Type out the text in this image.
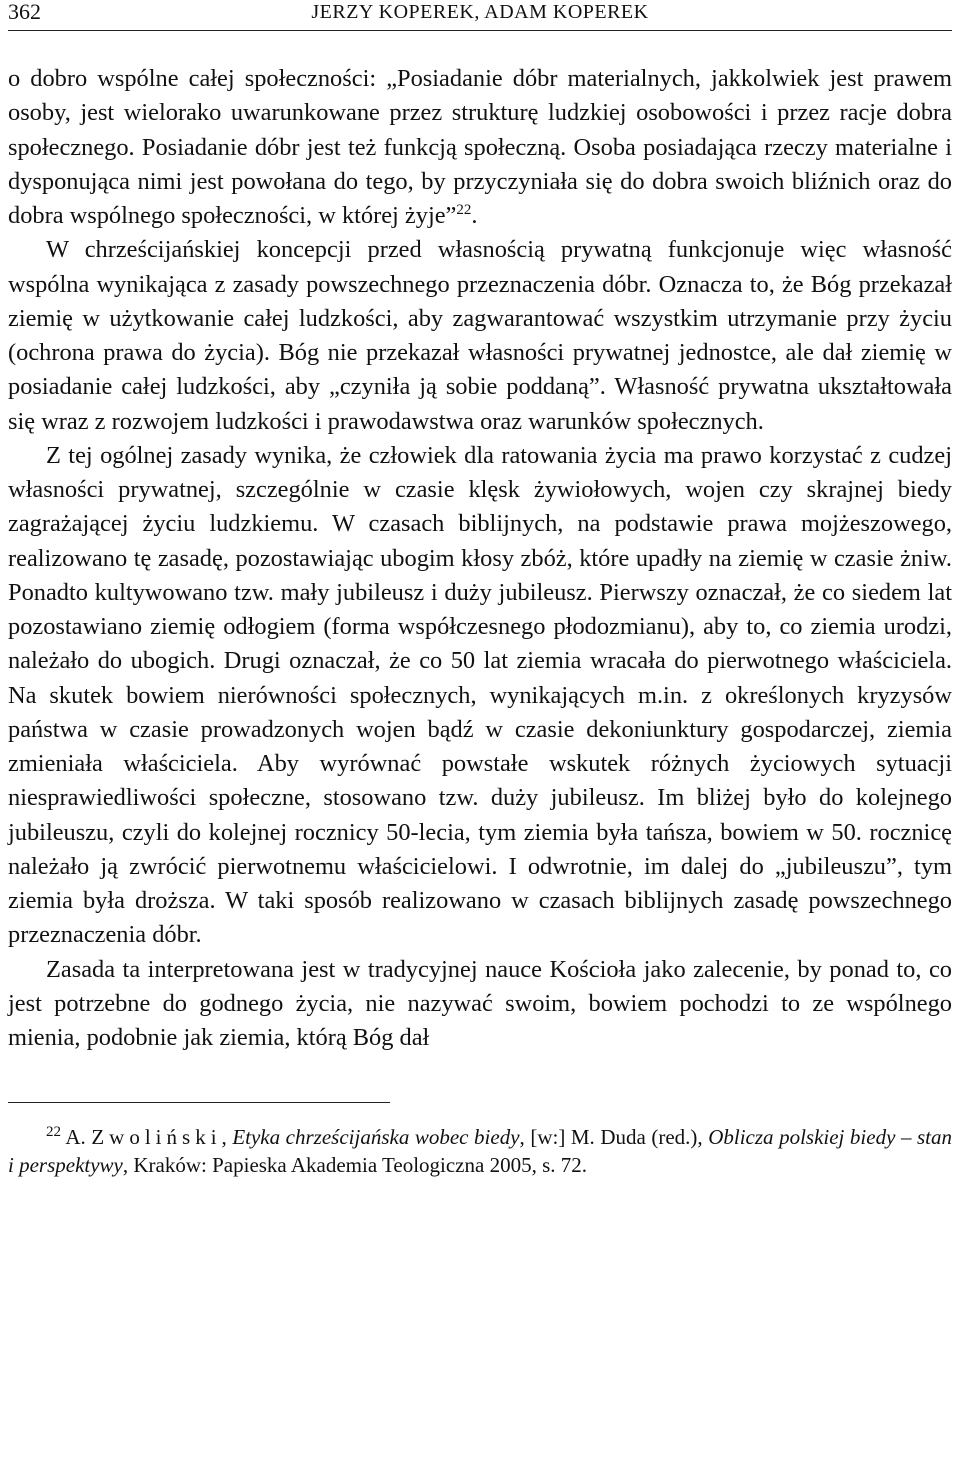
362	JERZY KOPEREK, ADAM KOPEREK

o dobro wspólne całej społeczności: „Posiadanie dóbr materialnych, jakkolwiek jest prawem osoby, jest wielorako uwarunkowane przez strukturę ludzkiej osobowości i przez racje dobra społecznego. Posiadanie dóbr jest też funkcją społeczną. Osoba posiadająca rzeczy materialne i dysponująca nimi jest powołana do tego, by przyczyniała się do dobra swoich bliźnich oraz do dobra wspólnego społeczności, w której żyje”$^{22}$.

W chrześcijańskiej koncepcji przed własnością prywatną funkcjonuje więc własność wspólna wynikająca z zasady powszechnego przeznaczenia dóbr. Oznacza to, że Bóg przekazał ziemię w użytkowanie całej ludzkości, aby zagwarantować wszystkim utrzymanie przy życiu (ochrona prawa do życia). Bóg nie przekazał własności prywatnej jednostce, ale dał ziemię w posiadanie całej ludzkości, aby „czyniła ją sobie poddaną”. Własność prywatna ukształtowała się wraz z rozwojem ludzkości i prawodawstwa oraz warunków społecznych.

Z tej ogólnej zasady wynika, że człowiek dla ratowania życia ma prawo korzystać z cudzej własności prywatnej, szczególnie w czasie klęsk żywiołowych, wojen czy skrajnej biedy zagrażającej życiu ludzkiemu. W czasach biblijnych, na podstawie prawa mojżeszowego, realizowano tę zasadę, pozostawiając ubogim kłosy zbóż, które upadły na ziemię w czasie żniw. Ponadto kultywowano tzw. mały jubileusz i duży jubileusz. Pierwszy oznaczał, że co siedem lat pozostawiano ziemię odłogiem (forma współczesnego płodozmianu), aby to, co ziemia urodzi, należało do ubogich. Drugi oznaczał, że co 50 lat ziemia wracała do pierwotnego właściciela. Na skutek bowiem nierówności społecznych, wynikających m.in. z określonych kryzysów państwa w czasie prowadzonych wojen bądź w czasie dekoniunktury gospodarczej, ziemia zmieniała właściciela. Aby wyrównać powstałe wskutek różnych życiowych sytuacji niesprawiedliwości społeczne, stosowano tzw. duży jubileusz. Im bliżej było do kolejnego jubileuszu, czyli do kolejnej rocznicy 50-lecia, tym ziemia była tańsza, bowiem w 50. rocznicę należało ją zwrócić pierwotnemu właścicielowi. I odwrotnie, im dalej do „jubileuszu”, tym ziemia była droższa. W taki sposób realizowano w czasach biblijnych zasadę powszechnego przeznaczenia dóbr.

Zasada ta interpretowana jest w tradycyjnej nauce Kościoła jako zalecenie, by ponad to, co jest potrzebne do godnego życia, nie nazywać swoim, bowiem pochodzi to ze wspólnego mienia, podobnie jak ziemia, którą Bóg dał

$^{22}$ A. Zwoliński, Etyka chrześcijańska wobec biedy, [w:] M. Duda (red.), Oblicza polskiej biedy – stan i perspektywy, Kraków: Papieska Akademia Teologiczna 2005, s. 72.
